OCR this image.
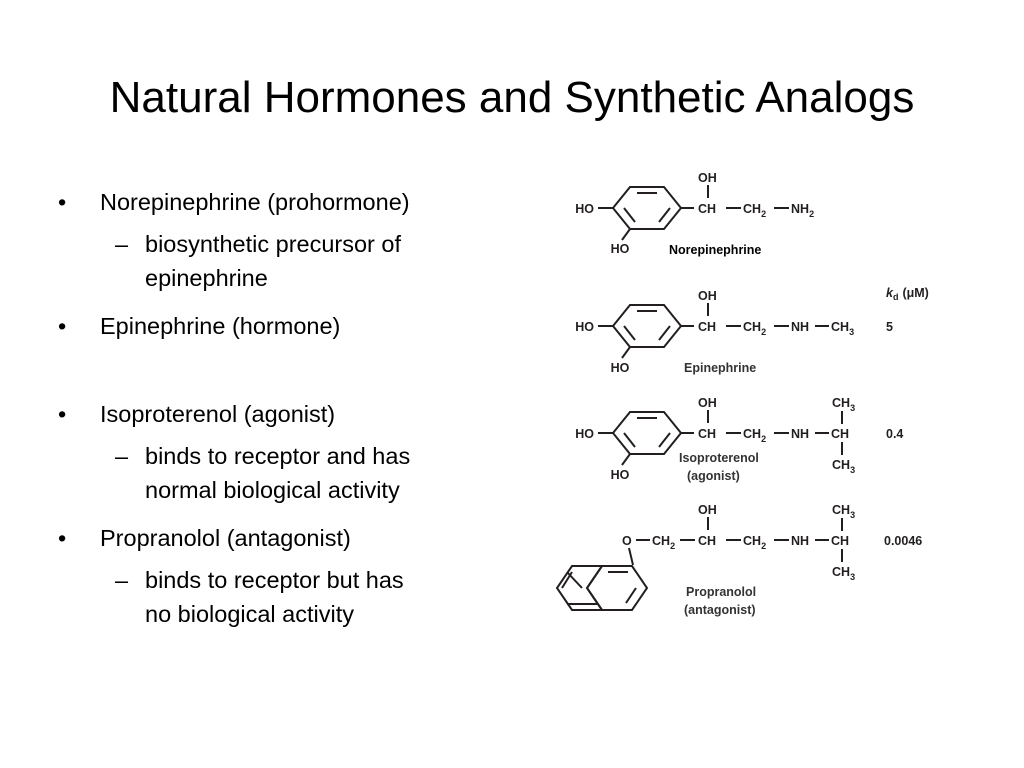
Natural Hormones and Synthetic Analogs
•	Norepinephrine (prohormone)
– biosynthetic precursor of
epinephrine
•	Epinephrine (hormone)
•	Isoproterenol (agonist)
– binds to receptor and has
normal biological activity
•	Propranolol (antagonist)
– binds to receptor but has
no biological activity
HO
OH
CH $CH_2$ $NH_2$
HO	Norepinephrine
$k_d$ (μM)
HO
OH
CH $CH_2$ NH $CH_3$	5
HO	Epinephrine
HO
OH
CH $CH_2$ NH CH
$CH_3$
$CH_3$
0.4
HO
Isoproterenol
(agonist)
O $CH_2$
OH
CH $CH_2$ NH CH
$CH_3$
$CH_3$
0.0046
Propranolol
(antagonist)
